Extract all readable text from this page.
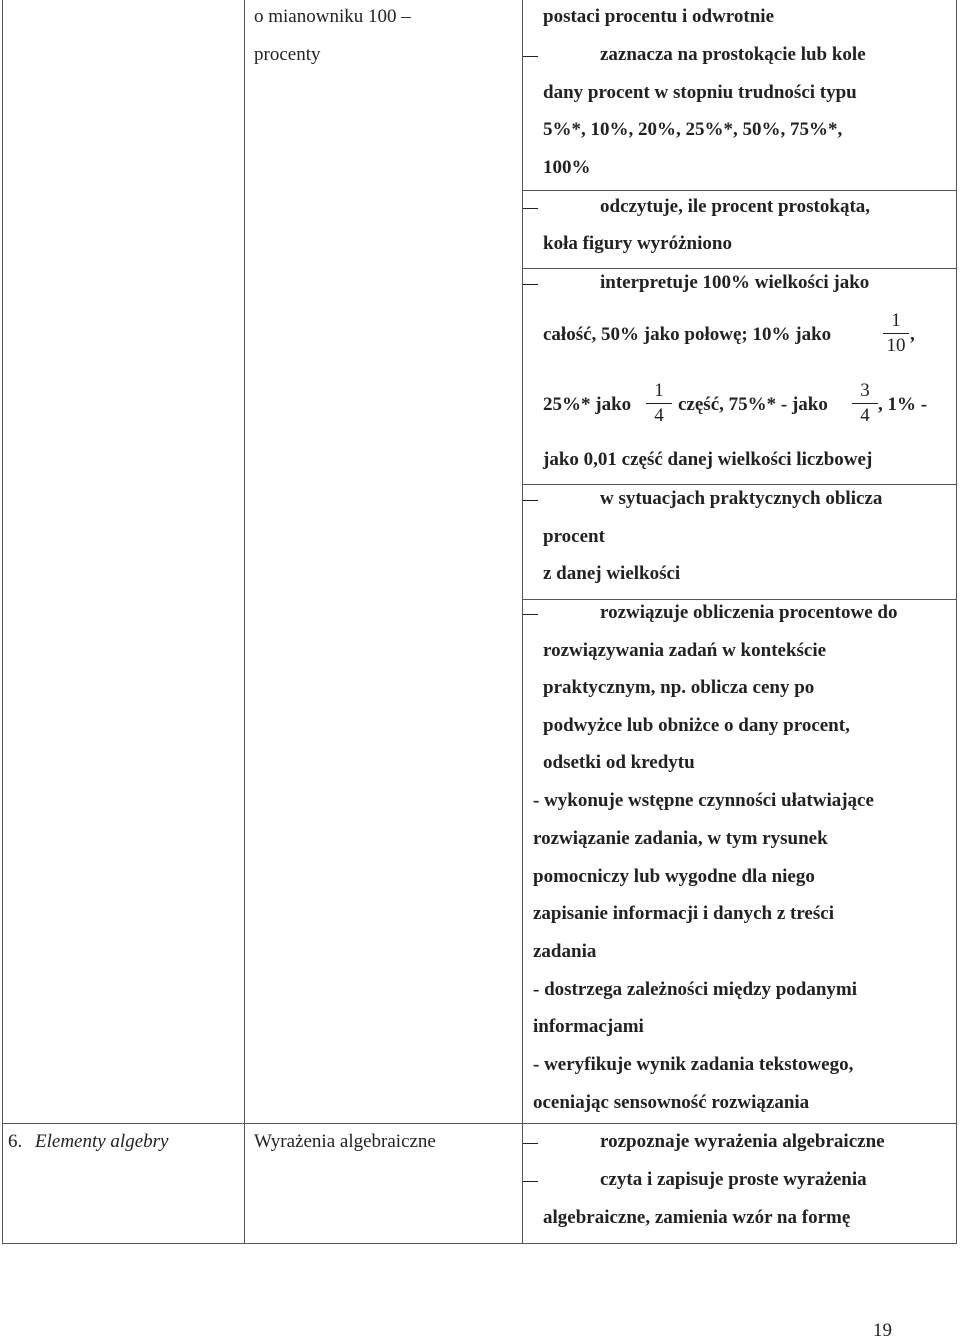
o mianowniku 100 –
procenty
postaci procentu i odwrotnie
zaznacza na prostokącie lub kole
dany procent w stopniu trudności typu
5%*, 10%, 20%, 25%*, 50%, 75%*,
100%
odczytuje, ile procent prostokąta,
koła figury wyróżniono
interpretuje 100% wielkości jako
całość, 50% jako połowę; 10% jako
1
10
,
25%* jako
1
4
część, 75%* - jako
3
4
, 1% -
jako 0,01 część danej wielkości liczbowej
w sytuacjach praktycznych oblicza
procent
z danej wielkości
rozwiązuje obliczenia procentowe do
rozwiązywania zadań w kontekście
praktycznym, np. oblicza ceny po
podwyżce lub obniżce o dany procent,
odsetki od kredytu
- wykonuje wstępne czynności ułatwiające
rozwiązanie zadania, w tym rysunek
pomocniczy lub wygodne dla niego
zapisanie informacji i danych z treści
zadania
- dostrzega zależności między podanymi
informacjami
- weryfikuje wynik zadania tekstowego,
oceniając sensowność rozwiązania
6. Elementy algebry	Wyrażenia algebraiczne	rozpoznaje wyrażenia algebraiczne
czyta i zapisuje proste wyrażenia
algebraiczne, zamienia wzór na formę
19
